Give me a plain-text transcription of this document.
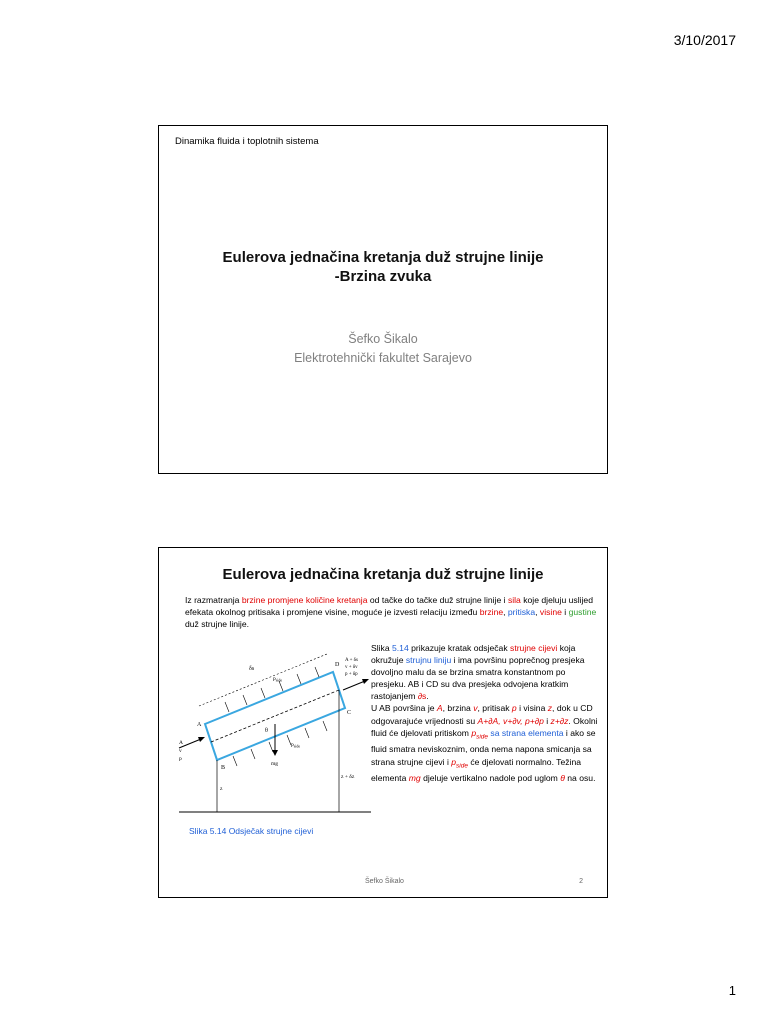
3/10/2017
Dinamika fluida i toplotnih sistema
Eulerova jednačina kretanja duž strujne linije
-Brzina zvuka
Šefko Šikalo
Elektrotehnički fakultet Sarajevo
Eulerova jednačina kretanja duž strujne linije
Iz razmatranja brzine promjene količine kretanja od tačke do tačke duž strujne linije i sila koje djeluju uslijed efekata okolnog pritisaka i promjene visine, moguće je izvesti relaciju između brzine, pritiska, visine i gustine duž strujne linije.
A
B
C
D
δs
$p_{side}$
$p_{side}$
θ
mg
z
z + δz
A
v
p
A + δs
v + δv
p + δp
Slika 5.14 Odsječak strujne cijevi
Slika 5.14 prikazuje kratak odsječak strujne cijevi koja okružuje strujnu liniju i ima površinu poprečnog presjeka dovoljno malu da se brzina smatra konstantnom po presjeku. AB i CD su dva presjeka odvojena kratkim rastojanjem ∂s.
U AB površina je A, brzina v, pritisak p i visina z, dok u CD odgovarajuće vrijednosti su A+∂A, v+∂v, p+∂p i z+∂z. Okolni fluid će djelovati pritiskom $p_{side}$ sa strana elementa i ako se fluid smatra neviskoznim, onda nema napona smicanja sa strana strujne cijevi i $p_{side}$ će djelovati normalno. Težina elementa mg djeluje vertikalno nadole pod uglom θ na osu.
Šefko Šikalo	2
1
